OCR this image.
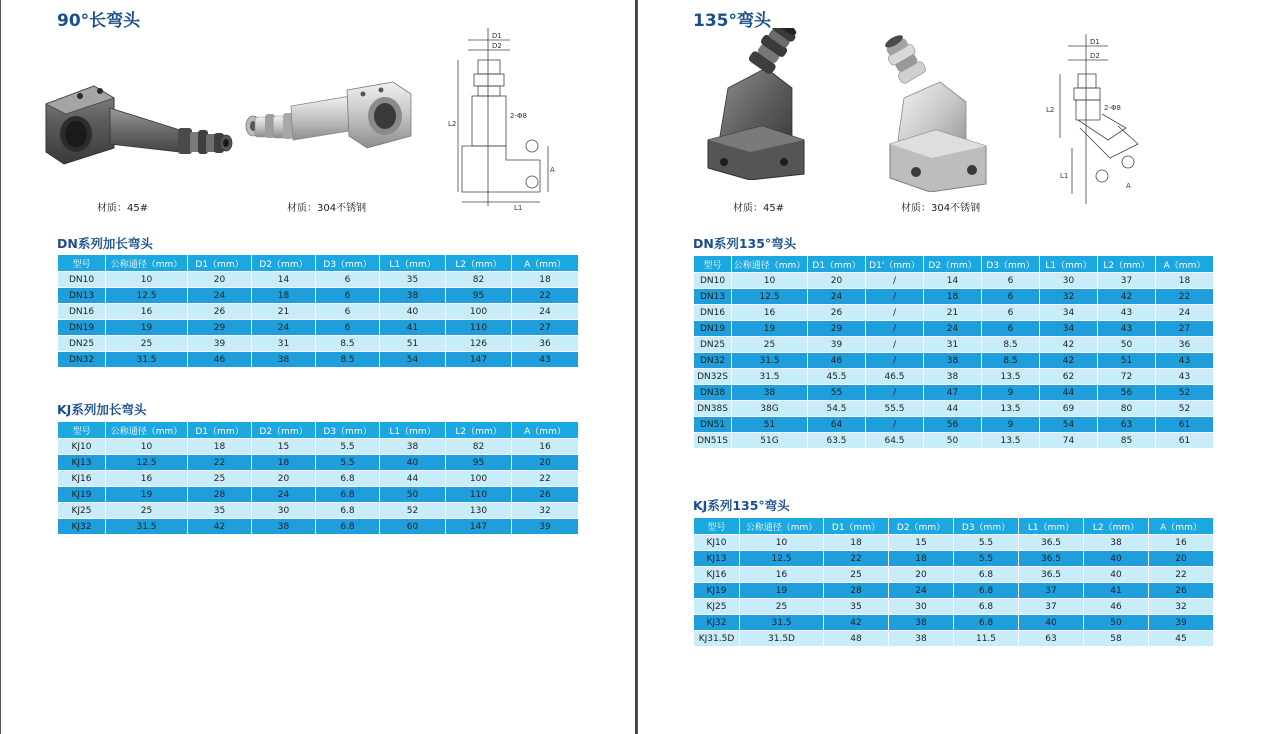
90°长弯头
D1
D2
L2
2-Φ8
A
L1
材质：45#	材质：304不锈钢
DN系列加长弯头
型号	公称通径（mm）	D1（mm）	D2（mm）	D3（mm）	L1（mm）	L2（mm）	A（mm）
DN10	10	20	14	6	35	82	18
DN13	12.5	24	18	6	38	95	22
DN16	16	26	21	6	40	100	24
DN19	19	29	24	6	41	110	27
DN25	25	39	31	8.5	51	126	36
DN32	31.5	46	38	8.5	54	147	43
KJ系列加长弯头
型号	公称通径（mm）	D1（mm）	D2（mm）	D3（mm）	L1（mm）	L2（mm）	A（mm）
KJ10	10	18	15	5.5	38	82	16
KJ13	12.5	22	18	5.5	40	95	20
KJ16	16	25	20	6.8	44	100	22
KJ19	19	28	24	6.8	50	110	26
KJ25	25	35	30	6.8	52	130	32
KJ32	31.5	42	38	6.8	60	147	39
135°弯头
D1
D2
L2	2-Φ8
L1
A
材质：45#	材质：304不锈钢
DN系列135°弯头
型号	公称通径（mm）	D1（mm）	D1'（mm）	D2（mm）	D3（mm）	L1（mm）	L2（mm）	A（mm）
DN10	10	20	/	14	6	30	37	18
DN13	12.5	24	/	18	6	32	42	22
DN16	16	26	/	21	6	34	43	24
DN19	19	29	/	24	6	34	43	27
DN25	25	39	/	31	8.5	42	50	36
DN32	31.5	46	/	38	8.5	42	51	43
DN32S	31.5	45.5	46.5	38	13.5	62	72	43
DN38	38	55	/	47	9	44	56	52
DN38S	38G	54.5	55.5	44	13.5	69	80	52
DN51	51	64	/	56	9	54	63	61
DN51S	51G	63.5	64.5	50	13.5	74	85	61
KJ系列135°弯头
型号	公称通径（mm）	D1（mm）	D2（mm）	D3（mm）	L1（mm）	L2（mm）	A（mm）
KJ10	10	18	15	5.5	36.5	38	16
KJ13	12.5	22	18	5.5	36.5	40	20
KJ16	16	25	20	6.8	36.5	40	22
KJ19	19	28	24	6.8	37	41	26
KJ25	25	35	30	6.8	37	46	32
KJ32	31.5	42	38	6.8	40	50	39
KJ31.5D	31.5D	48	38	11.5	63	58	45
